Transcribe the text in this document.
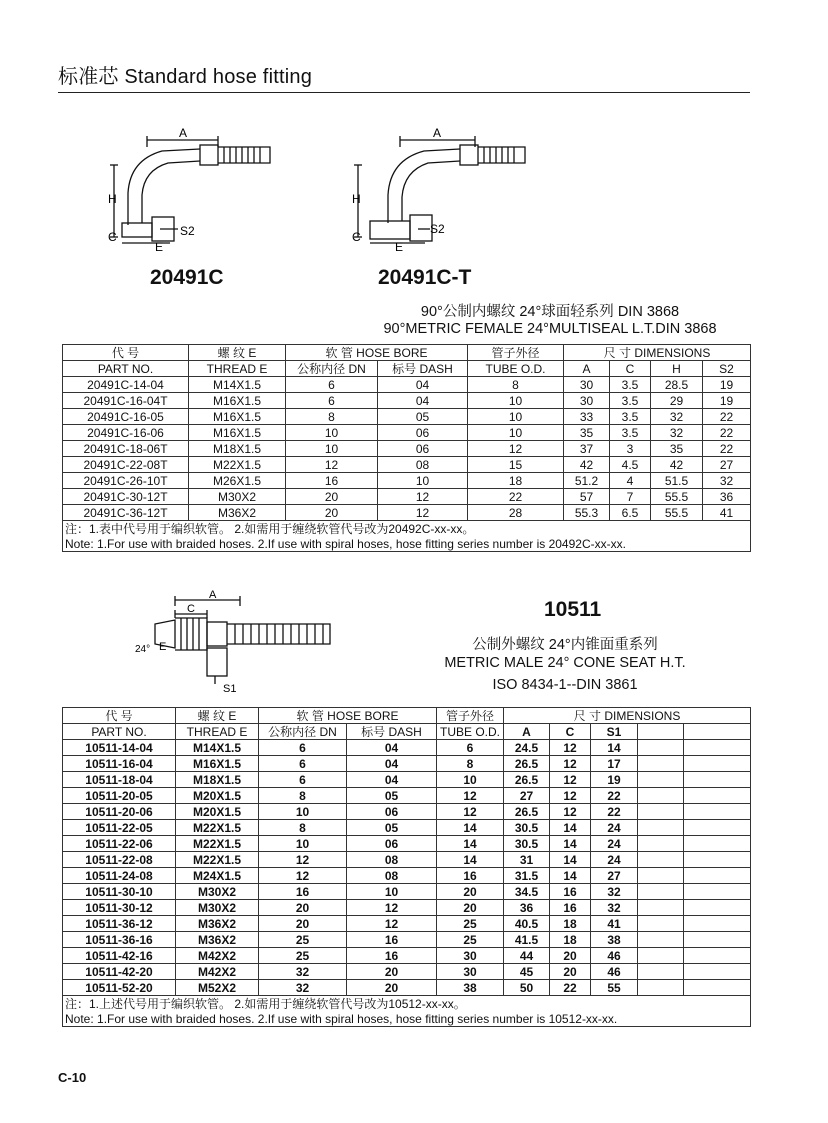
标准芯 Standard hose fitting
A
H
C
E
S2
A
H
C
E
S2
20491C	20491C-T
90°公制内螺纹 24°球面轻系列 DIN 3868
90°METRIC FEMALE 24°MULTISEAL L.T.DIN 3868
代 号	螺 纹 E	软 管 HOSE BORE		管子外径	尺 寸 DIMENSIONS			
PART NO.	THREAD E	公称内径 DN	标号 DASH	TUBE O.D.	A	C	H	S2
20491C-14-04	M14X1.5	6	04	8	30	3.5	28.5	19
20491C-16-04T	M16X1.5	6	04	10	30	3.5	29	19
20491C-16-05	M16X1.5	8	05	10	33	3.5	32	22
20491C-16-06	M16X1.5	10	06	10	35	3.5	32	22
20491C-18-06T	M18X1.5	10	06	12	37	3	35	22
20491C-22-08T	M22X1.5	12	08	15	42	4.5	42	27
20491C-26-10T	M26X1.5	16	10	18	51.2	4	51.5	32
20491C-30-12T	M30X2	20	12	22	57	7	55.5	36
20491C-36-12T	M36X2	20	12	28	55.3	6.5	55.5	41
注：1.表中代号用于编织软管。 2.如需用于缠绕软管代号改为20492C-xx-xx。								
Note: 1.For use with braided hoses. 2.If use with spiral hoses, hose fitting series number is 20492C-xx-xx.								
A
C
24° E
S1
10511
公制外螺纹 24°内锥面重系列
METRIC MALE 24° CONE SEAT H.T.
ISO 8434-1--DIN 3861
代 号	螺 纹 E	软 管 HOSE BORE		管子外径	尺 寸 DIMENSIONS				
PART NO.	THREAD E	公称内径 DN	标号 DASH	TUBE O.D.	A	C	S1		
10511-14-04	M14X1.5	6	04	6	24.5	12	14		
10511-16-04	M16X1.5	6	04	8	26.5	12	17		
10511-18-04	M18X1.5	6	04	10	26.5	12	19		
10511-20-05	M20X1.5	8	05	12	27	12	22		
10511-20-06	M20X1.5	10	06	12	26.5	12	22		
10511-22-05	M22X1.5	8	05	14	30.5	14	24		
10511-22-06	M22X1.5	10	06	14	30.5	14	24		
10511-22-08	M22X1.5	12	08	14	31	14	24		
10511-24-08	M24X1.5	12	08	16	31.5	14	27		
10511-30-10	M30X2	16	10	20	34.5	16	32		
10511-30-12	M30X2	20	12	20	36	16	32		
10511-36-12	M36X2	20	12	25	40.5	18	41		
10511-36-16	M36X2	25	16	25	41.5	18	38		
10511-42-16	M42X2	25	16	30	44	20	46		
10511-42-20	M42X2	32	20	30	45	20	46		
10511-52-20	M52X2	32	20	38	50	22	55		
注：1.上述代号用于编织软管。 2.如需用于缠绕软管代号改为10512-xx-xx。									
Note: 1.For use with braided hoses. 2.If use with spiral hoses, hose fitting series number is 10512-xx-xx.									
C-10
